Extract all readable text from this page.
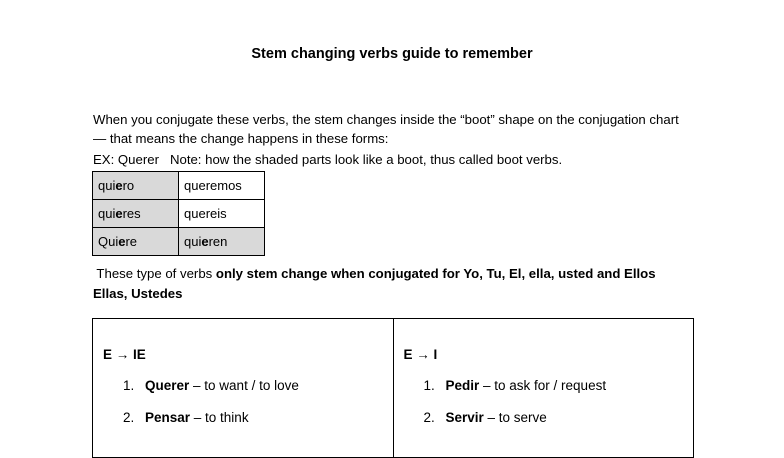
Stem changing verbs guide to remember
When you conjugate these verbs, the stem changes inside the “boot” shape on the conjugation chart — that means the change happens in these forms:
EX: Querer   Note: how the shaded parts look like a boot, thus called boot verbs.
quiero	queremos
quieres	quereis
Quiere	quieren
These type of verbs only stem change when conjugated for Yo, Tu, El, ella, usted and Ellos Ellas, Ustedes
E → IE
1. Querer – to want / to love
2. Pensar – to think
E → I
1. Pedir – to ask for / request
2. Servir – to serve
